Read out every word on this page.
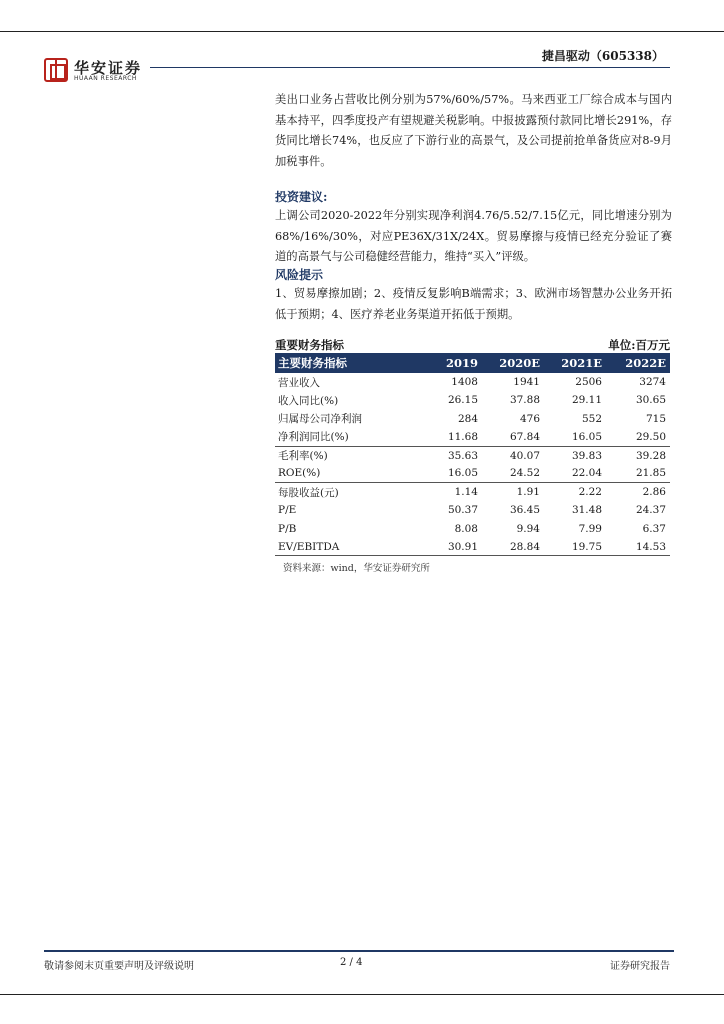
华安证券
HUAAN RESEARCH
捷昌驱动（605338）
美出口业务占营收比例分别为57%/60%/57%。马来西亚工厂综合成本与国内基本持平，四季度投产有望规避关税影响。中报披露预付款同比增长291%，存货同比增长74%，也反应了下游行业的高景气，及公司提前抢单备货应对8-9月加税事件。
投资建议:
上调公司2020-2022年分别实现净利润4.76/5.52/7.15亿元，同比增速分别为68%/16%/30%，对应PE36X/31X/24X。贸易摩擦与疫情已经充分验证了赛道的高景气与公司稳健经营能力，维持“买入”评级。
风险提示
1、贸易摩擦加剧；2、疫情反复影响B端需求；3、欧洲市场智慧办公业务开拓低于预期；4、医疗养老业务渠道开拓低于预期。
重要财务指标	单位:百万元
主要财务指标	2019	2020E	2021E	2022E
营业收入	1408	1941	2506	3274
收入同比(%)	26.15	37.88	29.11	30.65
归属母公司净利润	284	476	552	715
净利润同比(%)	11.68	67.84	16.05	29.50
毛利率(%)	35.63	40.07	39.83	39.28
ROE(%)	16.05	24.52	22.04	21.85
每股收益(元)	1.14	1.91	2.22	2.86
P/E	50.37	36.45	31.48	24.37
P/B	8.08	9.94	7.99	6.37
EV/EBITDA	30.91	28.84	19.75	14.53
资料来源：wind，华安证券研究所
敬请参阅末页重要声明及评级说明	2 / 4	证券研究报告
